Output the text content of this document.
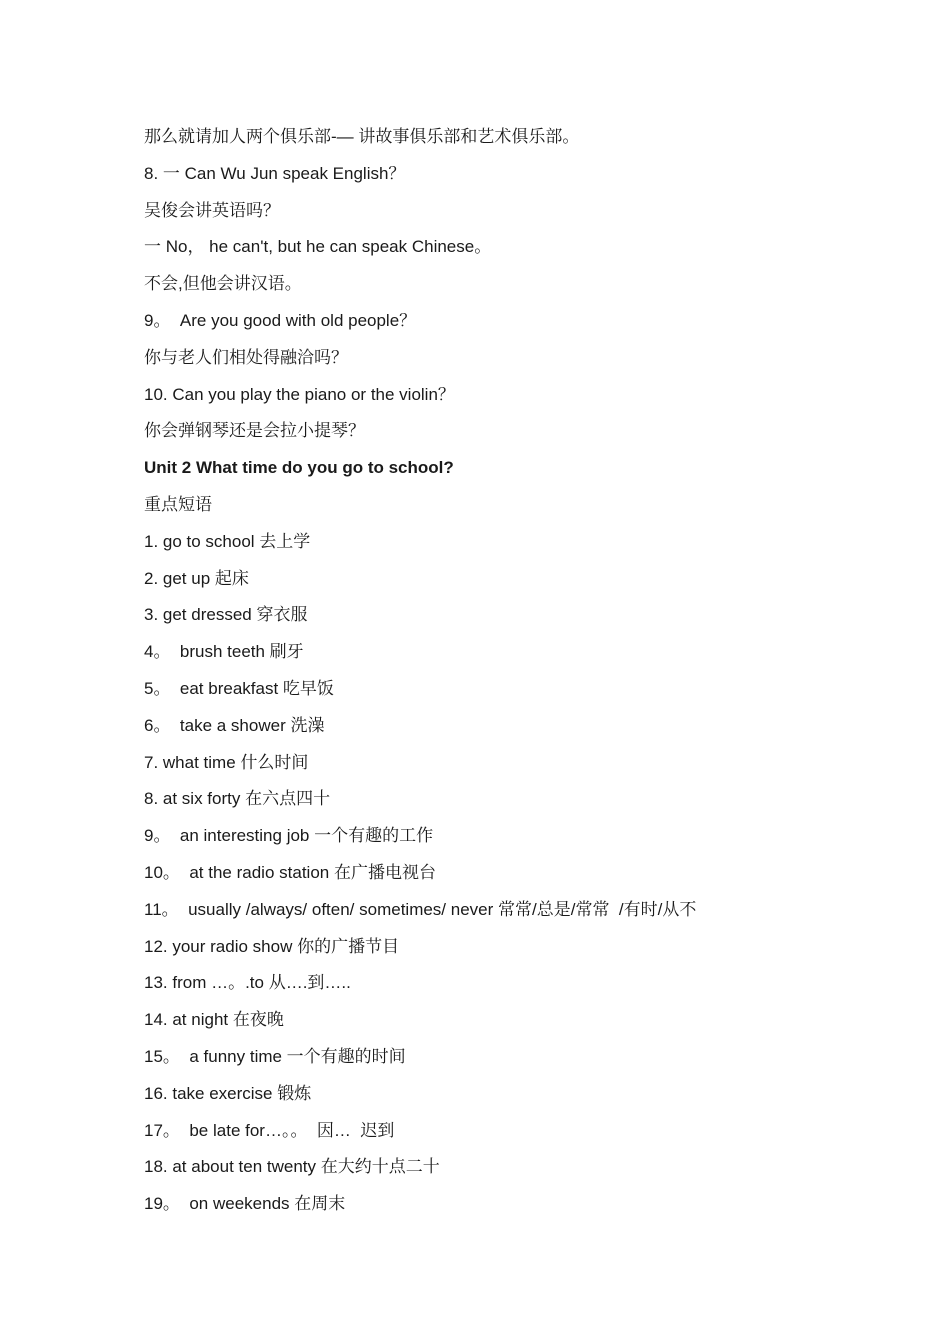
那么就请加人两个俱乐部-— 讲故事俱乐部和艺术俱乐部。
8. 一 Can Wu Jun speak English？
吴俊会讲英语吗？
一 No， he can't, but he can speak Chinese。
不会,但他会讲汉语。
9。  Are you good with old people？
你与老人们相处得融洽吗？
10. Can you play the piano or the violin？
你会弹钢琴还是会拉小提琴？
Unit 2 What time do you go to school?
重点短语
1. go to school 去上学
2. get up 起床
3. get dressed 穿衣服
4。  brush teeth 刷牙
5。  eat breakfast 吃早饭
6。  take a shower 洗澡
7. what time 什么时间
8. at six forty 在六点四十
9。  an interesting job 一个有趣的工作
10。  at the radio station 在广播电视台
11。  usually /always/ often/ sometimes/ never 常常/总是/常常  /有时/从不
12. your radio show 你的广播节目
13. from …。.to 从….到…..
14. at night 在夜晚
15。  a funny time 一个有趣的时间
16. take exercise 锻炼
17。  be late for…。。  因…  迟到
18. at about ten twenty 在大约十点二十
19。  on weekends 在周末
